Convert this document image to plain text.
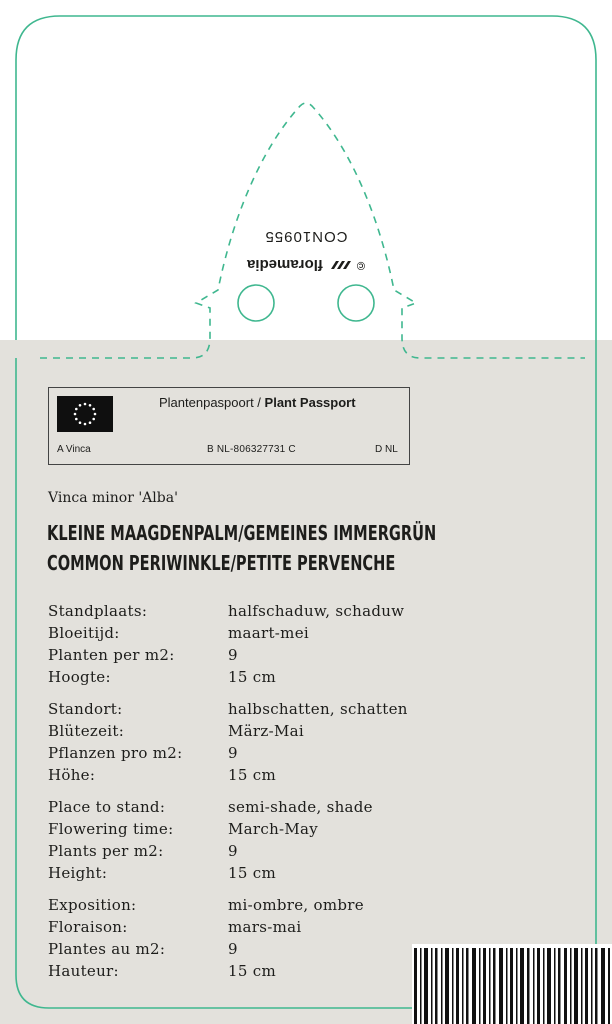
©
floramedia
CON10955
Plantenpaspoort / Plant Passport
A Vinca	B NL-806327731 C	D NL
Vinca minor 'Alba'
KLEINE MAAGDENPALM/GEMEINES IMMERGRÜN
COMMON PERIWINKLE/PETITE PERVENCHE
Standplaats:	halfschaduw, schaduw
Bloeitijd:	maart-mei
Planten per m2:	9
Hoogte:	15 cm
Standort:	halbschatten, schatten
Blütezeit:	März-Mai
Pflanzen pro m2:	9
Höhe:	15 cm
Place to stand:	semi-shade, shade
Flowering time:	March-May
Plants per m2:	9
Height:	15 cm
Exposition:	mi-ombre, ombre
Floraison:	mars-mai
Plantes au m2:	9
Hauteur:	15 cm
